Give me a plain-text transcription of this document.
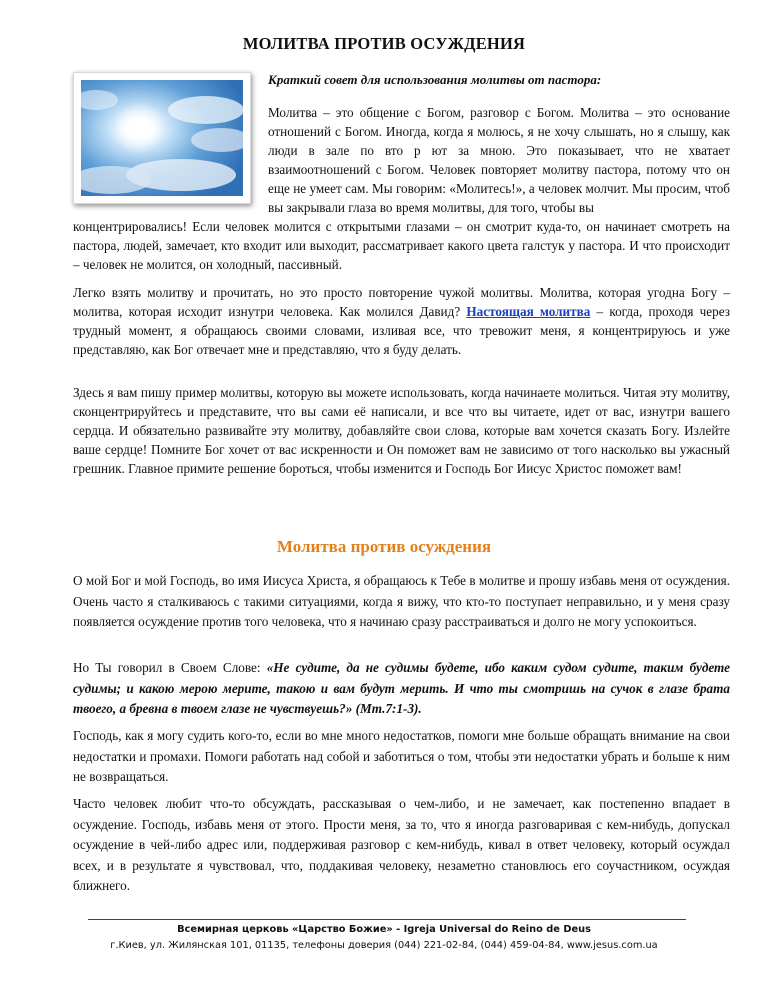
МОЛИТВА ПРОТИВ ОСУЖДЕНИЯ
Краткий совет для использования молитвы от пастора:

Молитва – это общение с Богом, разговор с Богом. Молитва – это основание отношений с Богом. Иногда, когда я молюсь, я не хочу слышать, но я слышу, как люди в зале по вто р ют за мною. Это показывает, что не хватает взаимоотношений с Богом. Человек повторяет молитву пастора, потому что он еще не умеет сам. Мы говорим: «Молитесь!», а человек молчит. Мы просим, чтоб вы закрывали глаза во время молитвы, для того, чтобы вы

концентрировались! Если человек молится с открытыми глазами – он смотрит куда-то, он начинает смотреть на пастора, людей, замечает, кто входит или выходит, рассматривает какого цвета галстук у пастора. И что происходит – человек не молится, он холодный, пассивный.

Легко взять молитву и прочитать, но это просто повторение чужой молитвы. Молитва, которая угодна Богу – молитва, которая исходит изнутри человека. Как молился Давид? Настоящая молитва – когда, проходя через трудный момент, я обращаюсь своими словами, изливая все, что тревожит меня, я концентрируюсь и уже представляю, как Бог отвечает мне и представляю, что я буду делать.

Здесь я вам пишу пример молитвы, которую вы можете использовать, когда начинаете молиться. Читая эту молитву, сконцентрируйтесь и представите, что вы сами её написали, и все что вы читаете, идет от вас, изнутри вашего сердца. И обязательно развивайте эту молитву, добавляйте свои слова, которые вам хочется сказать Богу. Излейте ваше сердце! Помните Бог хочет от вас искренности и Он поможет вам не зависимо от того насколько вы ужасный грешник. Главное примите решение бороться, чтобы изменится и Господь Бог Иисус Христос поможет вам!

Молитва против осуждения

О мой Бог и мой Господь, во имя Иисуса Христа, я обращаюсь к Тебе в молитве и прошу избавь меня от осуждения. Очень часто я сталкиваюсь с такими ситуациями, когда я вижу, что кто-то поступает неправильно, и у меня сразу появляется осуждение против того человека, что я начинаю сразу расстраиваться и долго не могу успокоиться.

Но Ты говорил в Своем Слове: «Не судите, да не судимы будете, ибо каким судом судите, таким будете судимы; и какою мерою мерите, такою и вам будут мерить. И что ты смотришь на сучок в глазе брата твоего, а бревна в твоем глазе не чувствуешь?» (Мт.7:1-3).

Господь, как я могу судить кого-то, если во мне много недостатков, помоги мне больше обращать внимание на свои недостатки и промахи. Помоги работать над собой и заботиться о том, чтобы эти недостатки убрать и больше к ним не возвращаться.

Часто человек любит что-то обсуждать, рассказывая о чем-либо, и не замечает, как постепенно впадает в осуждение. Господь, избавь меня от этого. Прости меня, за то, что я иногда разговаривая с кем-нибудь, допускал осуждение в чей-либо адрес или, поддерживая разговор с кем-нибудь, кивал в ответ человеку, который осуждал всех, и в результате я чувствовал, что, поддакивая человеку, незаметно становлюсь его соучастником, осуждая ближнего.

Всемирная церковь «Царство Божие» - Igreja Universal do Reino de Deus
г.Киев, ул. Жилянская 101, 01135, телефоны доверия (044) 221-02-84, (044) 459-04-84, www.jesus.com.ua
